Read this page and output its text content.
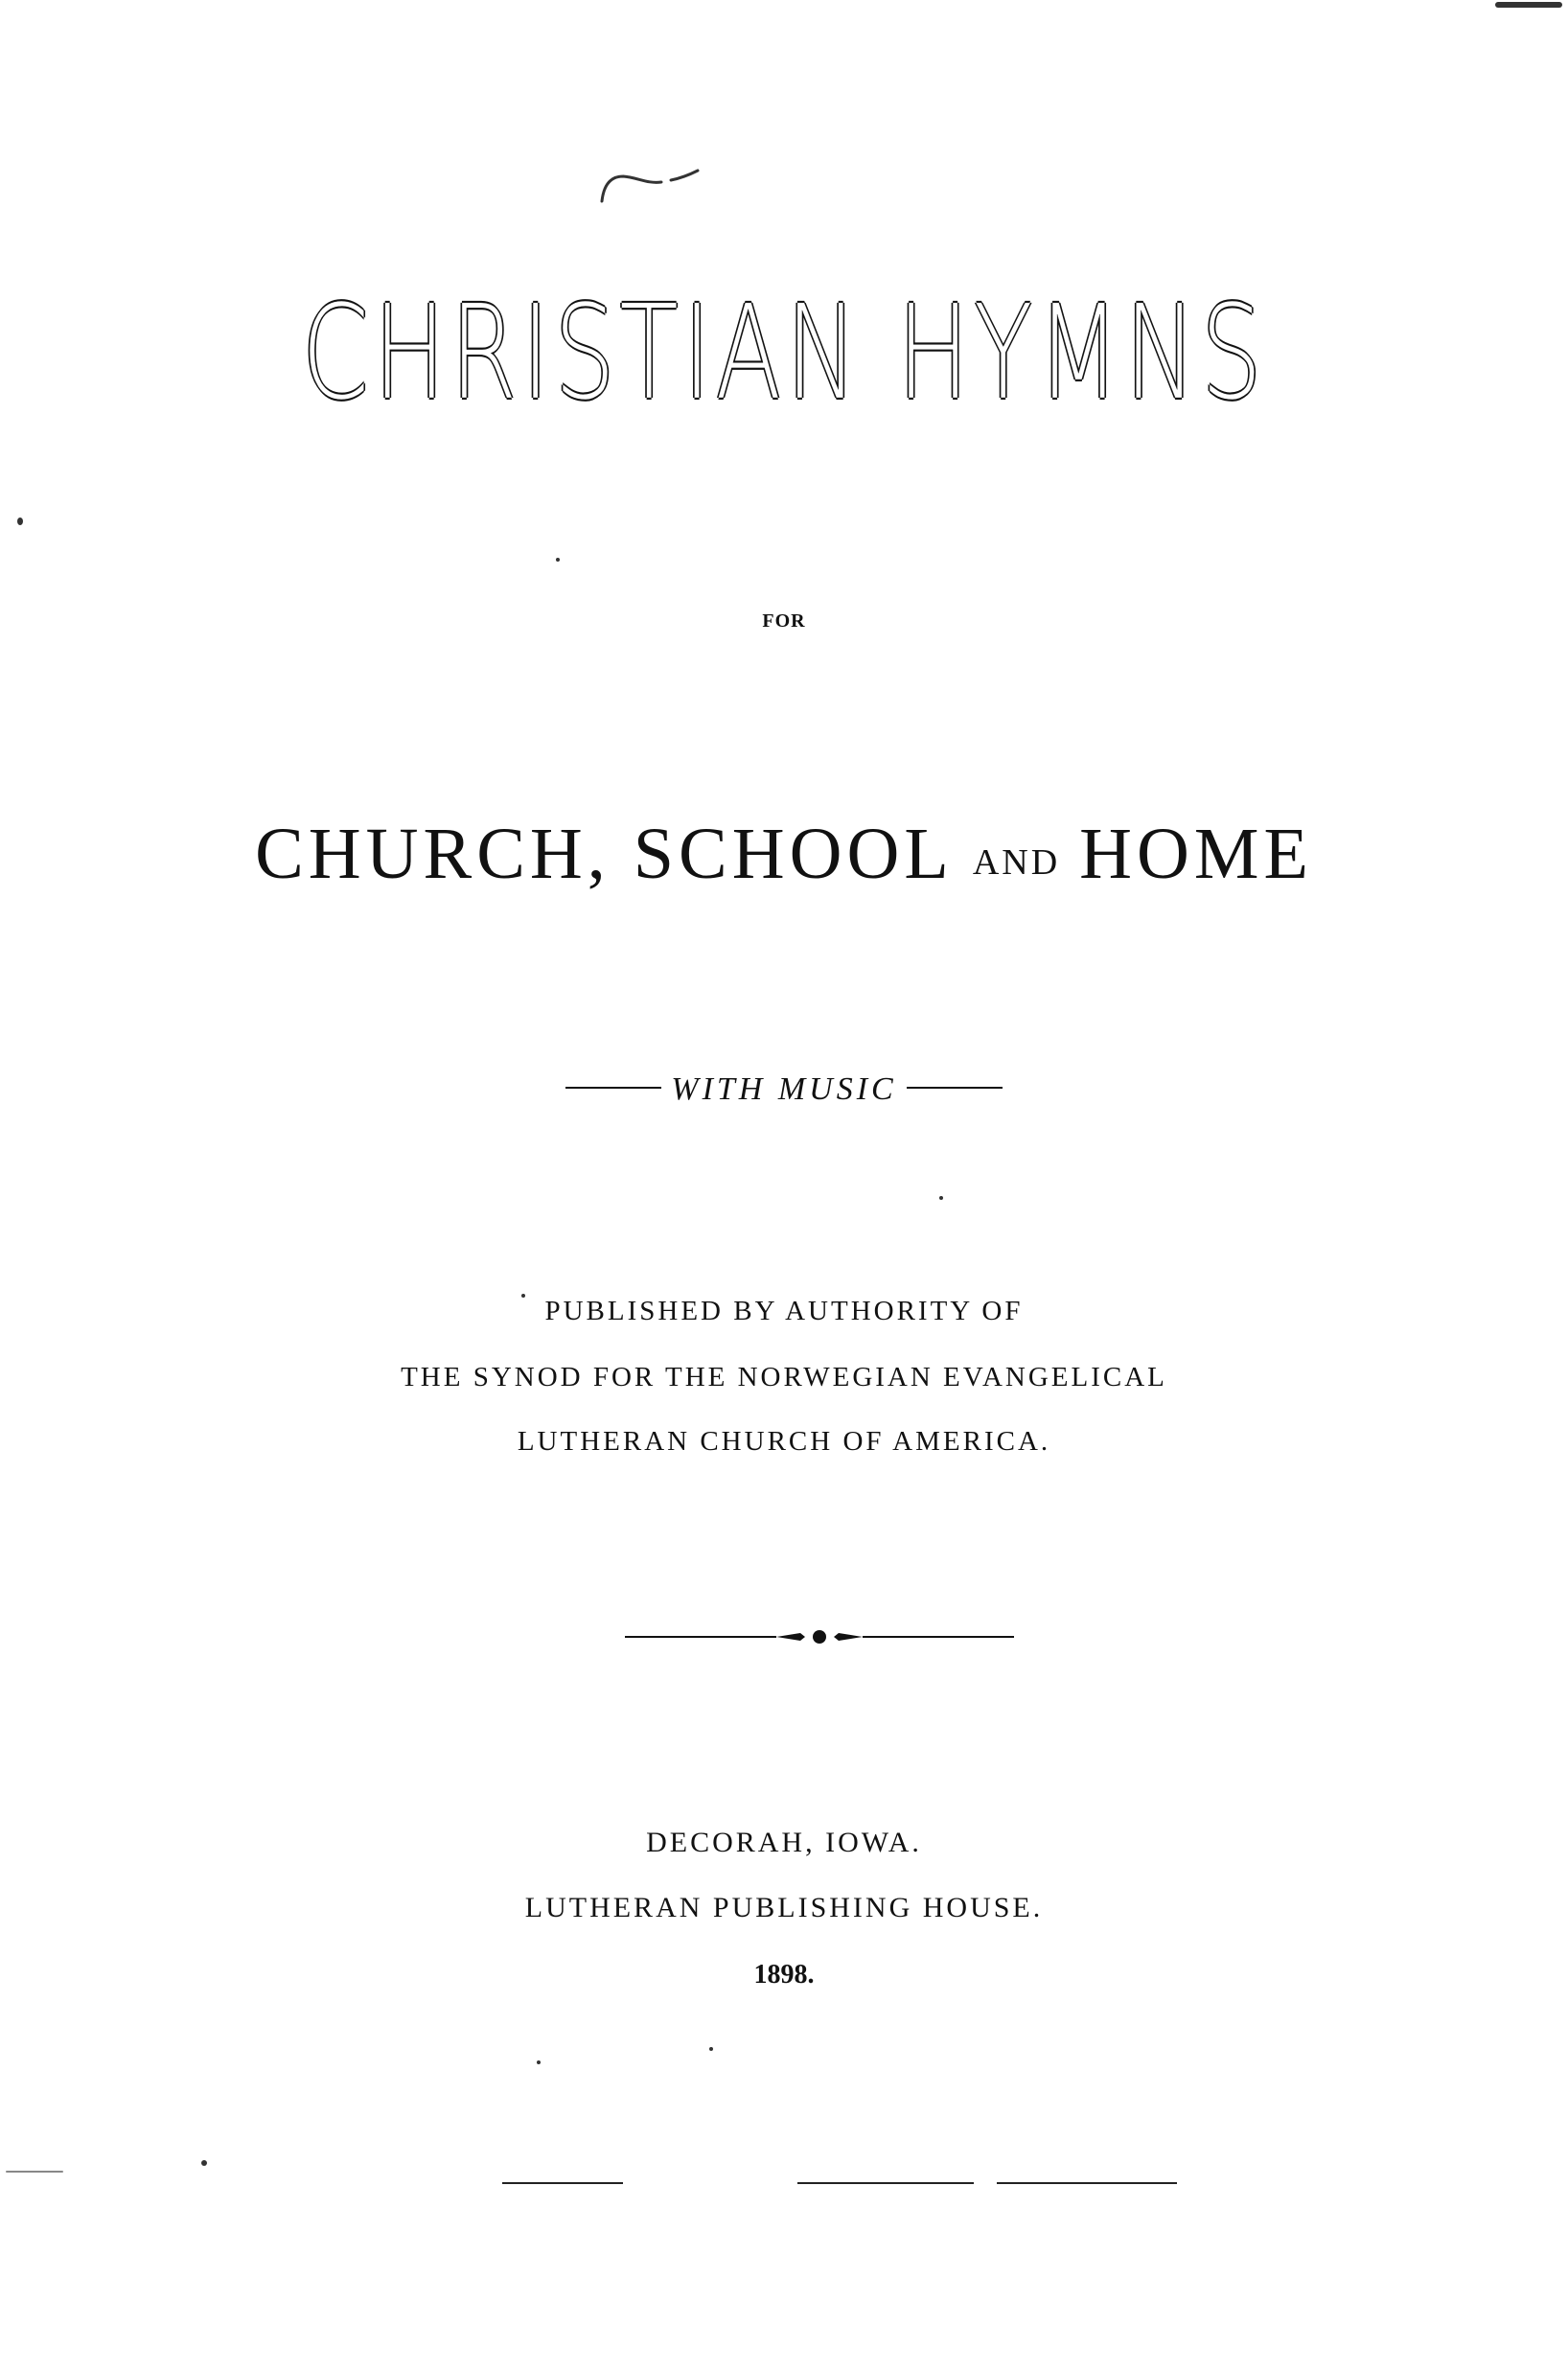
CHRISTIAN HYMNS
FOR
CHURCH, SCHOOL AND HOME
WITH MUSIC
PUBLISHED BY AUTHORITY OF
THE SYNOD FOR THE NORWEGIAN EVANGELICAL
LUTHERAN CHURCH OF AMERICA.
DECORAH, IOWA.
LUTHERAN PUBLISHING HOUSE.
1898.
